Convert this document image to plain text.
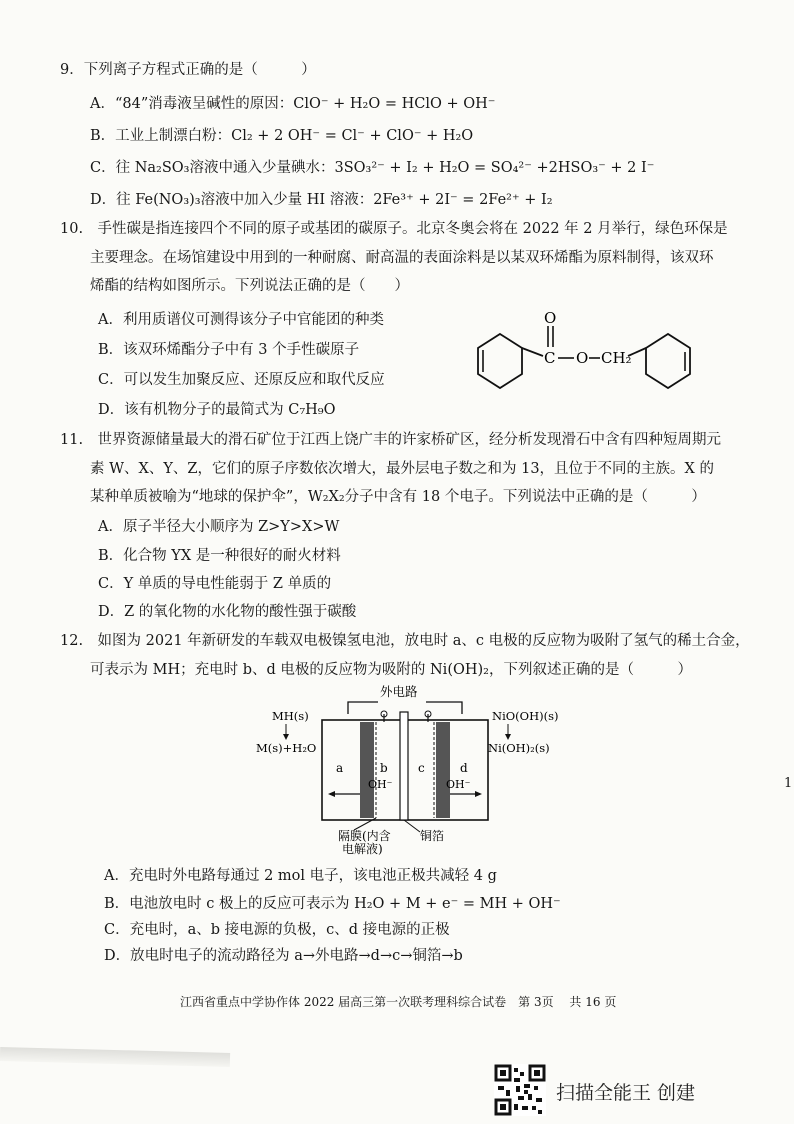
9．下列离子方程式正确的是（　　　）
A．“84”消毒液呈碱性的原因：ClO⁻ + H₂O = HClO + OH⁻
B．工业上制漂白粉：Cl₂ + 2 OH⁻ = Cl⁻ + ClO⁻ + H₂O
C．往 Na₂SO₃溶液中通入少量碘水：3SO₃²⁻ + I₂ + H₂O = SO₄²⁻ +2HSO₃⁻ + 2 I⁻
D．往 Fe(NO₃)₃溶液中加入少量 HI 溶液：2Fe³⁺ + 2I⁻ = 2Fe²⁺ + I₂
10.　手性碳是指连接四个不同的原子或基团的碳原子。北京冬奥会将在 2022 年 2 月举行，绿色环保是
主要理念。在场馆建设中用到的一种耐腐、耐高温的表面涂料是以某双环烯酯为原料制得，该双环
烯酯的结构如图所示。下列说法正确的是（　　）
A．利用质谱仪可测得该分子中官能团的种类
B．该双环烯酯分子中有 3 个手性碳原子
C．可以发生加聚反应、还原反应和取代反应
D．该有机物分子的最简式为 C₇H₉O
C
O
O CH₂
11.　世界资源储量最大的滑石矿位于江西上饶广丰的许家桥矿区，经分析发现滑石中含有四种短周期元
素 W、X、Y、Z，它们的原子序数依次增大，最外层电子数之和为 13，且位于不同的主族。X 的
某种单质被喻为“地球的保护伞”，W₂X₂分子中含有 18 个电子。下列说法中正确的是（　　　）
A．原子半径大小顺序为 Z>Y>X>W
B．化合物 YX 是一种很好的耐火材料
C．Y 单质的导电性能弱于 Z 单质的
D．Z 的氧化物的水化物的酸性强于碳酸
12.　如图为 2021 年新研发的车载双电极镍氢电池，放电时 a、c 电极的反应物为吸附了氢气的稀土合金，
可表示为 MH；充电时 b、d 电极的反应物为吸附的 Ni(OH)₂，下列叙述正确的是（　　　）
外电路
a	b	c	d
OH⁻	OH⁻
MH(s)
M(s)+H₂O
NiO(OH)(s)
Ni(OH)₂(s)
隔膜(内含
电解液)
铜箔
A．充电时外电路每通过 2 mol 电子，该电池正极共减轻 4 g
B．电池放电时 c 极上的反应可表示为 H₂O + M + e⁻ = MH + OH⁻
C．充电时，a、b 接电源的负极，c、d 接电源的正极
D．放电时电子的流动路径为 a→外电路→d→c→铜箔→b
1
江西省重点中学协作体 2022 届高三第一次联考理科综合试卷　第 3页　 共 16 页
扫描全能王 创建
